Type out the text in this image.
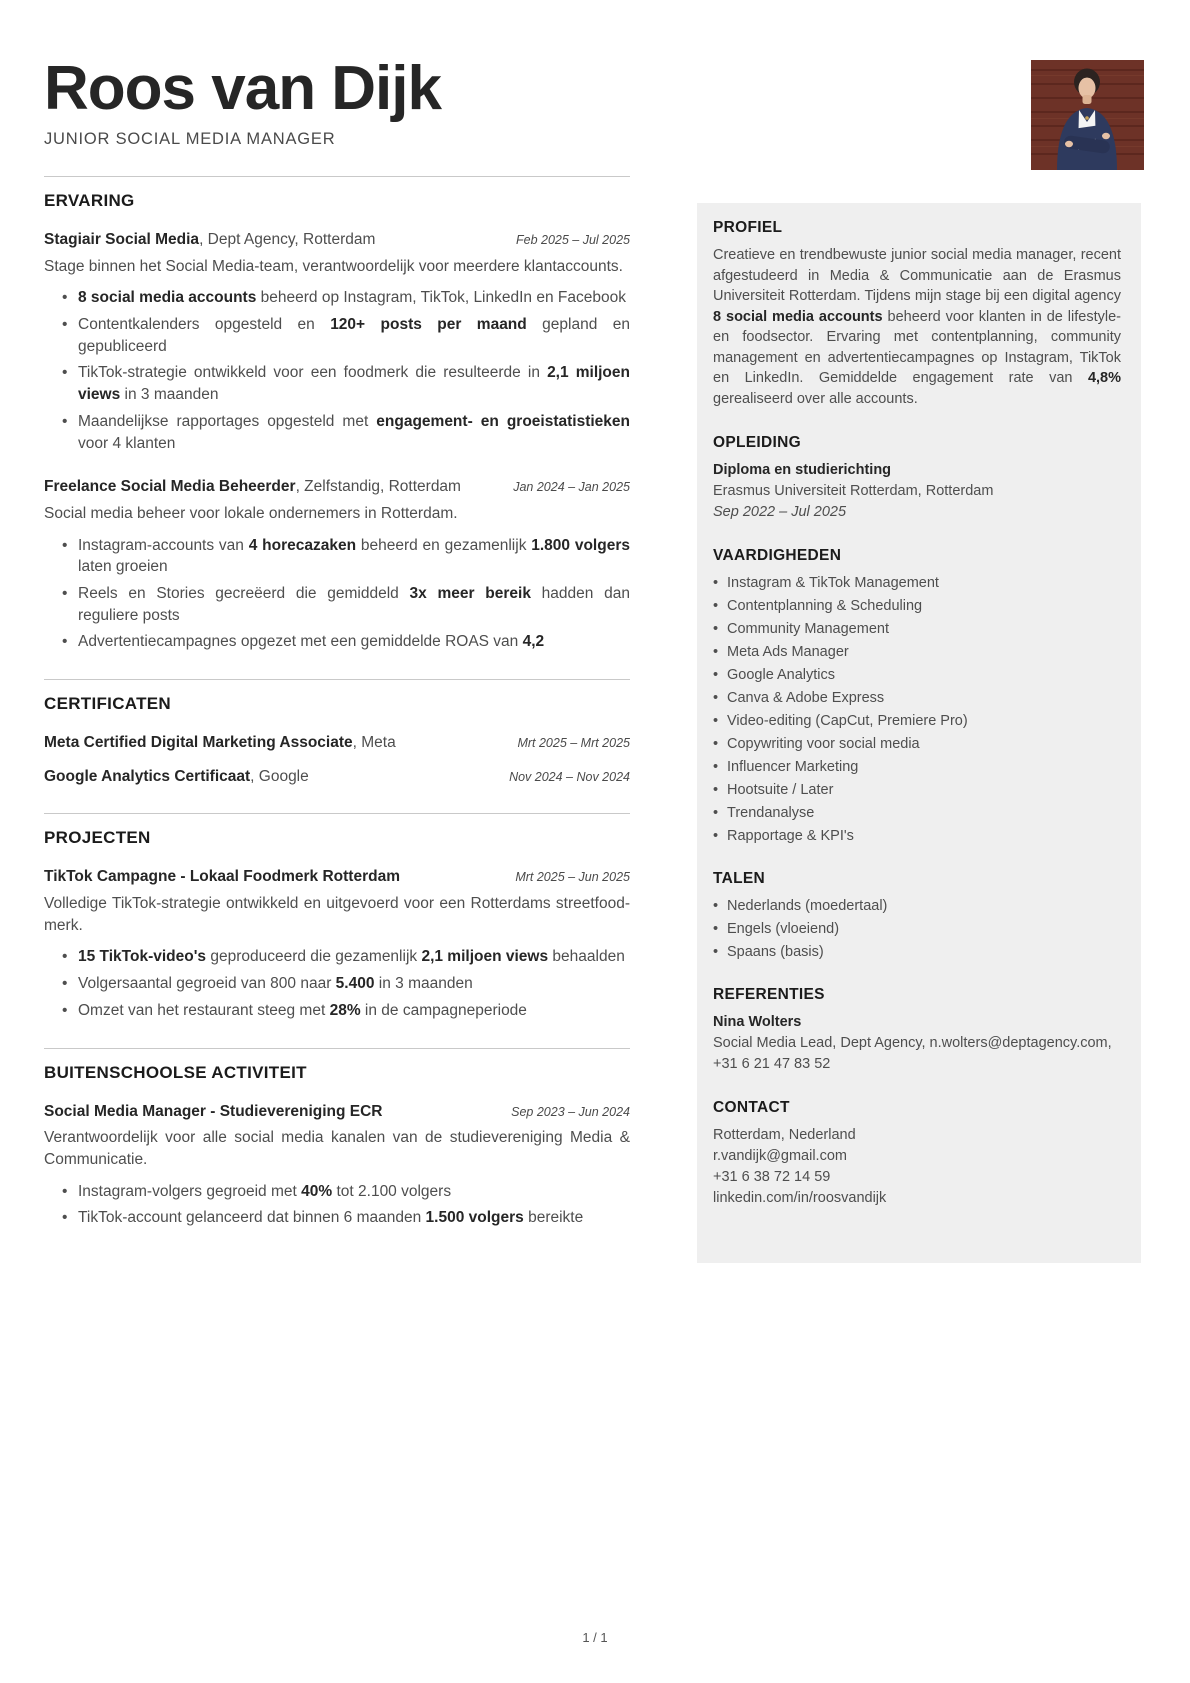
Roos van Dijk
JUNIOR SOCIAL MEDIA MANAGER
ERVARING
Stagiair Social Media, Dept Agency, Rotterdam	Feb 2025 – Jul 2025

Stage binnen het Social Media-team, verantwoordelijk voor meerdere klantaccounts.

• 8 social media accounts beheerd op Instagram, TikTok, LinkedIn en Facebook
• Contentkalenders opgesteld en 120+ posts per maand gepland en gepubliceerd
• TikTok-strategie ontwikkeld voor een foodmerk die resulteerde in 2,1 miljoen views in 3 maanden
• Maandelijkse rapportages opgesteld met engagement- en groeistatistieken voor 4 klanten
Freelance Social Media Beheerder, Zelfstandig, Rotterdam	Jan 2024 – Jan 2025

Social media beheer voor lokale ondernemers in Rotterdam.

• Instagram-accounts van 4 horecazaken beheerd en gezamenlijk 1.800 volgers laten groeien
• Reels en Stories gecreëerd die gemiddeld 3x meer bereik hadden dan reguliere posts
• Advertentiecampagnes opgezet met een gemiddelde ROAS van 4,2
CERTIFICATEN
Meta Certified Digital Marketing Associate, Meta	Mrt 2025 – Mrt 2025
Google Analytics Certificaat, Google	Nov 2024 – Nov 2024
PROJECTEN
TikTok Campagne - Lokaal Foodmerk Rotterdam	Mrt 2025 – Jun 2025

Volledige TikTok-strategie ontwikkeld en uitgevoerd voor een Rotterdams streetfood-merk.

• 15 TikTok-video's geproduceerd die gezamenlijk 2,1 miljoen views behaalden
• Volgersaantal gegroeid van 800 naar 5.400 in 3 maanden
• Omzet van het restaurant steeg met 28% in de campagneperiode
BUITENSCHOOLSE ACTIVITEIT
Social Media Manager - Studievereniging ECR	Sep 2023 – Jun 2024

Verantwoordelijk voor alle social media kanalen van de studievereniging Media & Communicatie.

• Instagram-volgers gegroeid met 40% tot 2.100 volgers
• TikTok-account gelanceerd dat binnen 6 maanden 1.500 volgers bereikte
PROFIEL

Creatieve en trendbewuste junior social media manager, recent afgestudeerd in Media & Communicatie aan de Erasmus Universiteit Rotterdam. Tijdens mijn stage bij een digital agency 8 social media accounts beheerd voor klanten in de lifestyle- en foodsector. Ervaring met contentplanning, community management en advertentiecampagnes op Instagram, TikTok en LinkedIn. Gemiddelde engagement rate van 4,8% gerealiseerd over alle accounts.

OPLEIDING
Diploma en studierichting
Erasmus Universiteit Rotterdam, Rotterdam
Sep 2022 – Jul 2025
VAARDIGHEDEN
• Instagram & TikTok Management
• Contentplanning & Scheduling
• Community Management
• Meta Ads Manager
• Google Analytics
• Canva & Adobe Express
• Video-editing (CapCut, Premiere Pro)
• Copywriting voor social media
• Influencer Marketing
• Hootsuite / Later
• Trendanalyse
• Rapportage & KPI's
TALEN
• Nederlands (moedertaal)
• Engels (vloeiend)
• Spaans (basis)
REFERENTIES
Nina Wolters
Social Media Lead, Dept Agency, n.wolters@deptagency.com, +31 6 21 47 83 52
CONTACT
Rotterdam, Nederland
r.vandijk@gmail.com
+31 6 38 72 14 59
linkedin.com/in/roosvandijk
1 / 1
